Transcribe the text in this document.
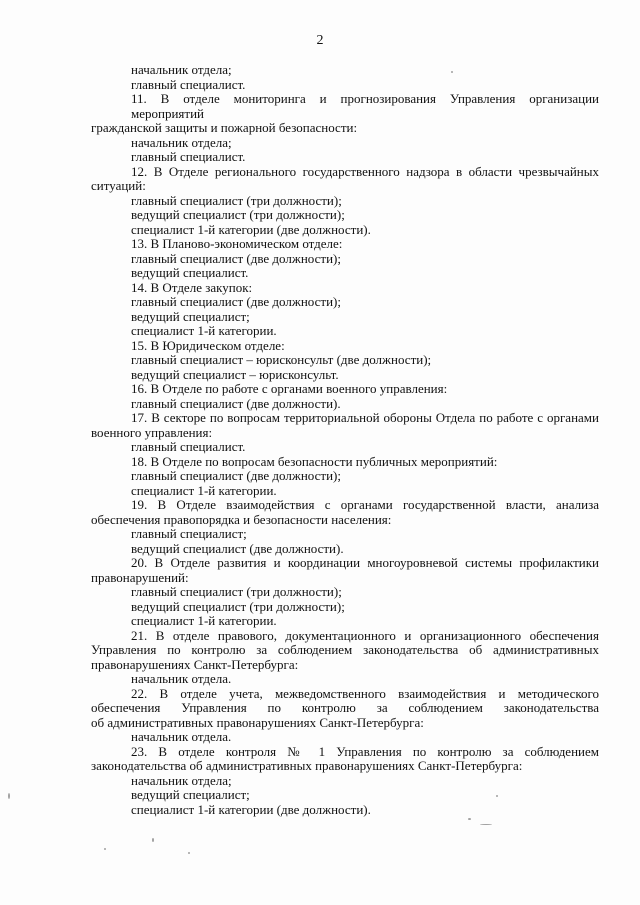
2
начальник отдела;
главный специалист.
11. В отделе мониторинга и прогнозирования Управления организации мероприятий
гражданской защиты и пожарной безопасности:
начальник отдела;
главный специалист.
12. В Отделе регионального государственного надзора в области чрезвычайных
ситуаций:
главный специалист (три должности);
ведущий специалист (три должности);
специалист 1-й категории (две должности).
13. В Планово-экономическом отделе:
главный специалист (две должности);
ведущий специалист.
14. В Отделе закупок:
главный специалист (две должности);
ведущий специалист;
специалист 1-й категории.
15. В Юридическом отделе:
главный специалист – юрисконсульт (две должности);
ведущий специалист – юрисконсульт.
16. В Отделе по работе с органами военного управления:
главный специалист (две должности).
17. В секторе по вопросам территориальной обороны Отдела по работе с органами
военного управления:
главный специалист.
18. В Отделе по вопросам безопасности публичных мероприятий:
главный специалист (две должности);
специалист 1-й категории.
19. В Отделе взаимодействия с органами государственной власти, анализа
обеспечения правопорядка и безопасности населения:
главный специалист;
ведущий специалист (две должности).
20. В Отделе развития и координации многоуровневой системы профилактики
правонарушений:
главный специалист (три должности);
ведущий специалист (три должности);
специалист 1-й категории.
21. В отделе правового, документационного и организационного обеспечения
Управления по контролю за соблюдением законодательства об административных
правонарушениях Санкт-Петербурга:
начальник отдела.
22. В отделе учета, межведомственного взаимодействия и методического
обеспечения Управления по контролю за соблюдением законодательства
об административных правонарушениях Санкт-Петербурга:
начальник отдела.
23. В отделе контроля № 1 Управления по контролю за соблюдением
законодательства об административных правонарушениях Санкт-Петербурга:
начальник отдела;
ведущий специалист;
специалист 1-й категории (две должности).
